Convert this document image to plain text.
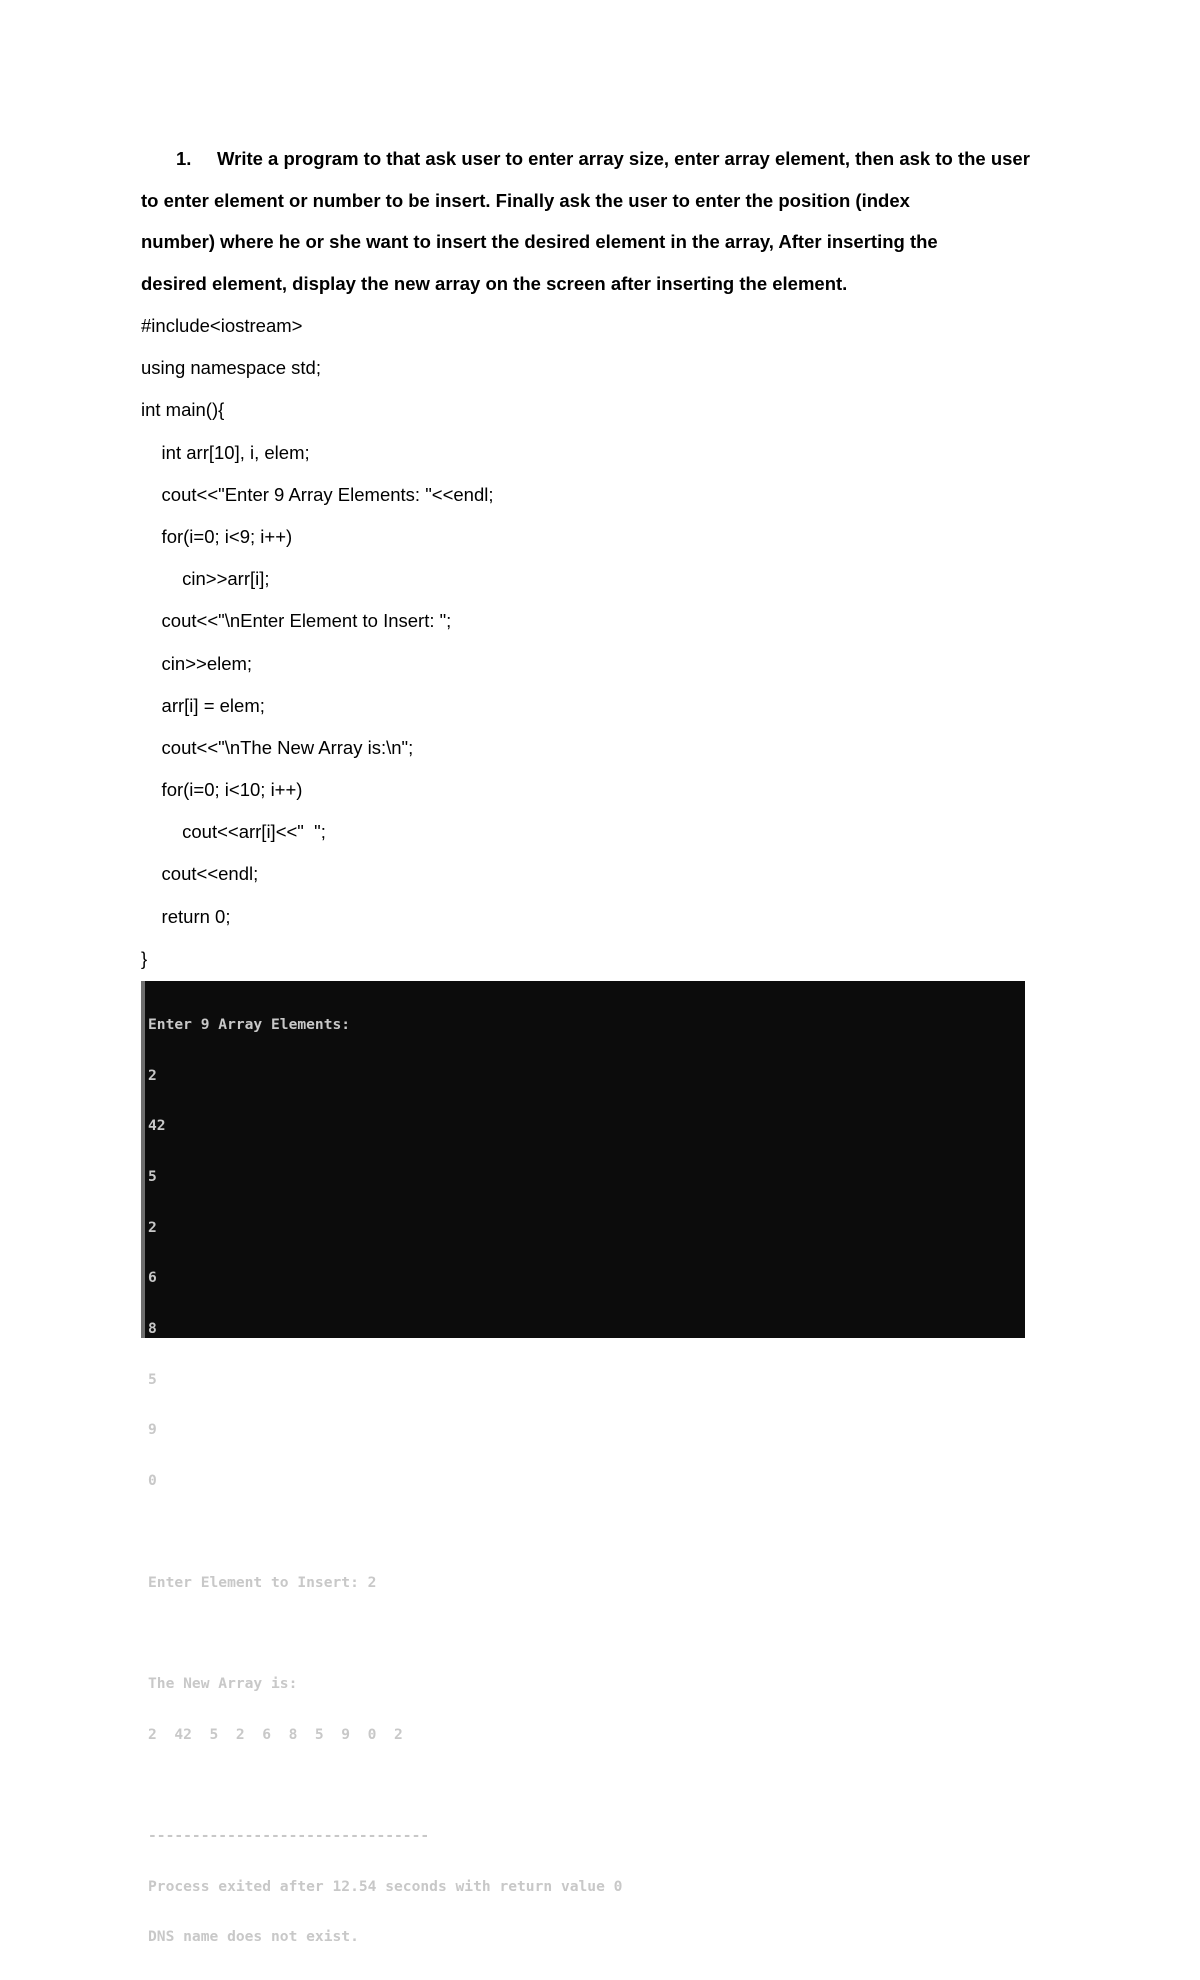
1. Write a program to that ask user to enter array size, enter array element, then ask to the user
to enter element or number to be insert. Finally ask the user to enter the position (index
number) where he or she want to insert the desired element in the array, After inserting the
desired element, display the new array on the screen after inserting the element.
#include<iostream>
using namespace std;
int main(){
int arr[10], i, elem;
cout<<"Enter 9 Array Elements: "<<endl;
for(i=0; i<9; i++)
cin>>arr[i];
cout<<"\nEnter Element to Insert: ";
cin>>elem;
arr[i] = elem;
cout<<"\nThe New Array is:\n";
for(i=0; i<10; i++)
cout<<arr[i]<<"  ";
cout<<endl;
return 0;
}

Enter 9 Array Elements:

2

42

5

2

6

8

5

9

0

Enter Element to Insert: 2

The New Array is:

2  42  5  2  6  8  5  9  0  2

--------------------------------

Process exited after 12.54 seconds with return value 0

DNS name does not exist.
